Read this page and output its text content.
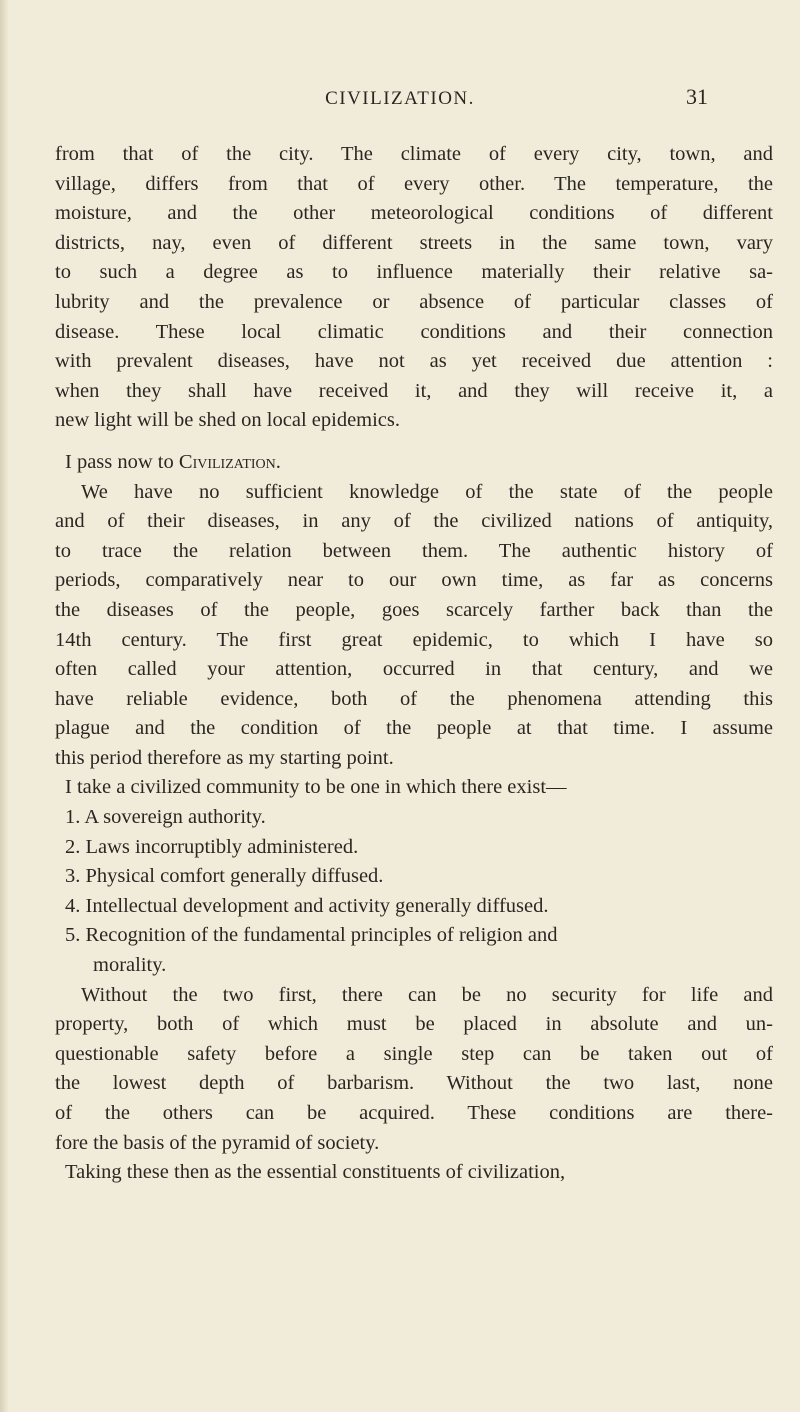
CIVILIZATION.	31
from that of the city. The climate of every city, town, and
village, differs from that of every other. The temperature, the
moisture, and the other meteorological conditions of different
districts, nay, even of different streets in the same town, vary
to such a degree as to influence materially their relative sa-
lubrity and the prevalence or absence of particular classes of
disease. These local climatic conditions and their connection
with prevalent diseases, have not as yet received due attention :
when they shall have received it, and they will receive it, a
new light will be shed on local epidemics.
I pass now to Civilization.
We have no sufficient knowledge of the state of the people
and of their diseases, in any of the civilized nations of antiquity,
to trace the relation between them. The authentic history of
periods, comparatively near to our own time, as far as concerns
the diseases of the people, goes scarcely farther back than the
14th century. The first great epidemic, to which I have so
often called your attention, occurred in that century, and we
have reliable evidence, both of the phenomena attending this
plague and the condition of the people at that time. I assume
this period therefore as my starting point.
I take a civilized community to be one in which there exist—
1. A sovereign authority.
2. Laws incorruptibly administered.
3. Physical comfort generally diffused.
4. Intellectual development and activity generally diffused.
5. Recognition of the fundamental principles of religion and
morality.
Without the two first, there can be no security for life and
property, both of which must be placed in absolute and un-
questionable safety before a single step can be taken out of
the lowest depth of barbarism. Without the two last, none
of the others can be acquired. These conditions are there-
fore the basis of the pyramid of society.
Taking these then as the essential constituents of civilization,
